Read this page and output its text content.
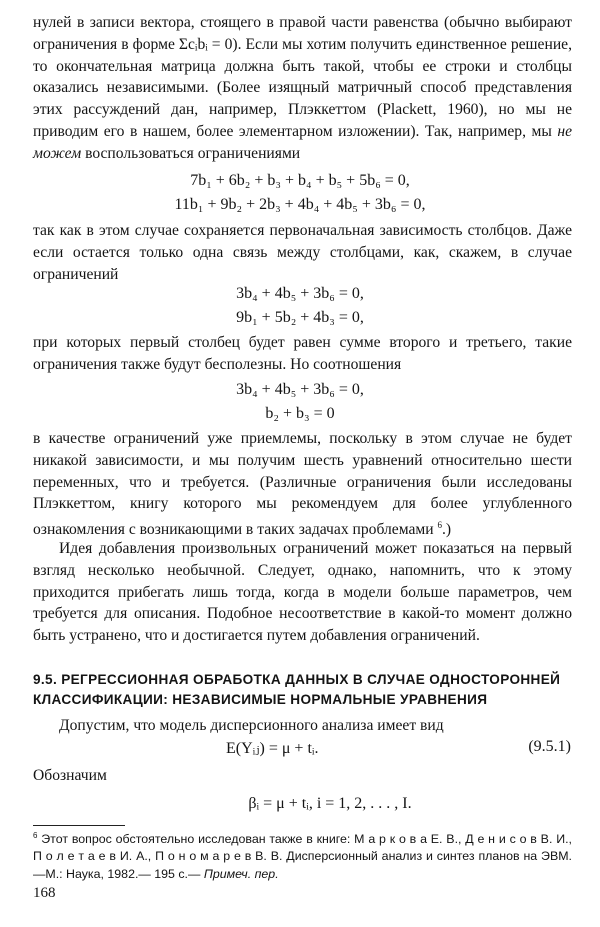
нулей в записи вектора, стоящего в правой части равенства (обычно выбирают ограничения в форме Σcᵢbᵢ = 0). Если мы хотим получить единственное решение, то окончательная матрица должна быть такой, чтобы ее строки и столбцы оказались независимыми. (Более изящный матричный способ представления этих рассуждений дан, например, Плэккеттом (Plackett, 1960), но мы не приводим его в нашем, более элементарном изложении). Так, например, мы не можем воспользоваться ограничениями

7b₁ + 6b₂ + b₃ + b₄ + b₅ + 5b₆ = 0,

11b₁ + 9b₂ + 2b₃ + 4b₄ + 4b₅ + 3b₆ = 0,

так как в этом случае сохраняется первоначальная зависимость столбцов. Даже если остается только одна связь между столбцами, как, скажем, в случае ограничений

3b₄ + 4b₅ + 3b₆ = 0,

9b₁ + 5b₂ + 4b₃ = 0,

при которых первый столбец будет равен сумме второго и третьего, такие ограничения также будут бесполезны. Но соотношения

3b₄ + 4b₅ + 3b₆ = 0,

b₂ + b₃ = 0

в качестве ограничений уже приемлемы, поскольку в этом случае не будет никакой зависимости, и мы получим шесть уравнений относительно шести переменных, что и требуется. (Различные ограничения были исследованы Плэккеттом, книгу которого мы рекомендуем для более углубленного ознакомления с возникающими в таких задачах проблемами $^6$.)

Идея добавления произвольных ограничений может показаться на первый взгляд несколько необычной. Следует, однако, напомнить, что к этому приходится прибегать лишь тогда, когда в модели больше параметров, чем требуется для описания. Подобное несоответствие в какой-то момент должно быть устранено, что и достигается путем добавления ограничений.

9.5. РЕГРЕССИОННАЯ ОБРАБОТКА ДАННЫХ В СЛУЧАЕ ОДНОСТОРОННЕЙ

КЛАССИФИКАЦИИ: НЕЗАВИСИМЫЕ НОРМАЛЬНЫЕ УРАВНЕНИЯ

Допустим, что модель дисперсионного анализа имеет вид

E(Yᵢⱼ) = μ + tᵢ.	(9.5.1)

Обозначим

βᵢ = μ + tᵢ, i = 1, 2, . . . , I.

$^6$ Этот вопрос обстоятельно исследован также в книге: М а р к о в а Е. В., Д е н и с о в В. И., П о л е т а е в И. А., П о н о м а р е в В. В. Дисперсионный анализ и синтез планов на ЭВМ.—М.: Наука, 1982.— 195 с.— Примеч. пер.

168
